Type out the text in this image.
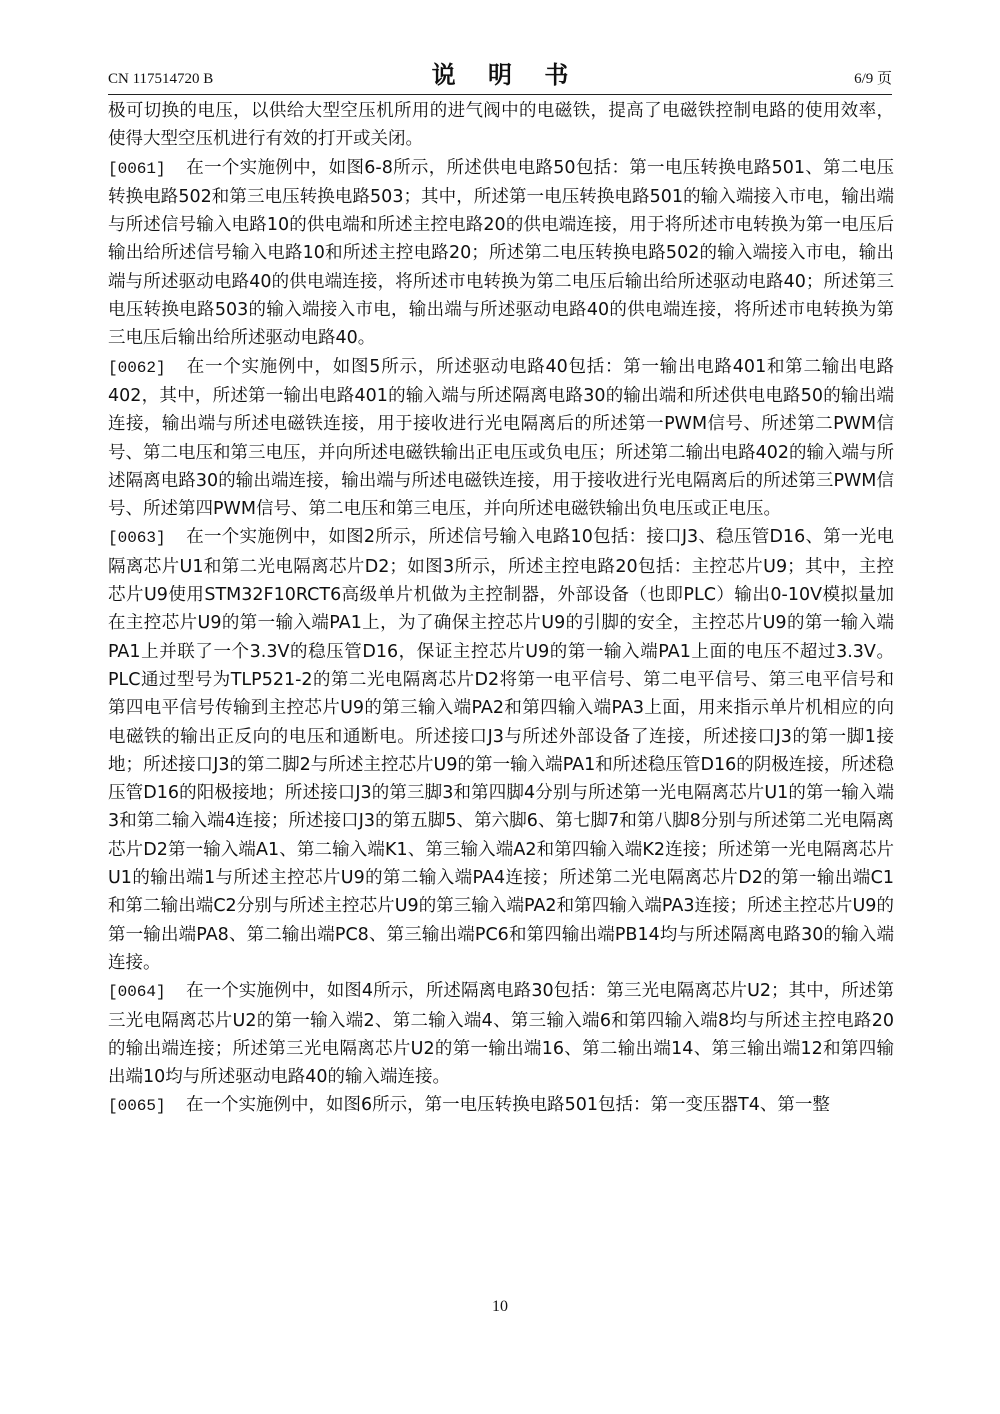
CN 117514720 B	说 明 书	6/9 页

极可切换的电压，以供给大型空压机所用的进气阀中的电磁铁，提高了电磁铁控制电路的使用效率，使得大型空压机进行有效的打开或关闭。

[0061] 在一个实施例中，如图6-8所示，所述供电电路50包括：第一电压转换电路501、第二电压转换电路502和第三电压转换电路503；其中，所述第一电压转换电路501的输入端接入市电，输出端与所述信号输入电路10的供电端和所述主控电路20的供电端连接，用于将所述市电转换为第一电压后输出给所述信号输入电路10和所述主控电路20；所述第二电压转换电路502的输入端接入市电，输出端与所述驱动电路40的供电端连接，将所述市电转换为第二电压后输出给所述驱动电路40；所述第三电压转换电路503的输入端接入市电，输出端与所述驱动电路40的供电端连接，将所述市电转换为第三电压后输出给所述驱动电路40。

[0062] 在一个实施例中，如图5所示，所述驱动电路40包括：第一输出电路401和第二输出电路402，其中，所述第一输出电路401的输入端与所述隔离电路30的输出端和所述供电电路50的输出端连接，输出端与所述电磁铁连接，用于接收进行光电隔离后的所述第一PWM信号、所述第二PWM信号、第二电压和第三电压，并向所述电磁铁输出正电压或负电压；所述第二输出电路402的输入端与所述隔离电路30的输出端连接，输出端与所述电磁铁连接，用于接收进行光电隔离后的所述第三PWM信号、所述第四PWM信号、第二电压和第三电压，并向所述电磁铁输出负电压或正电压。

[0063] 在一个实施例中，如图2所示，所述信号输入电路10包括：接口J3、稳压管D16、第一光电隔离芯片U1和第二光电隔离芯片D2；如图3所示，所述主控电路20包括：主控芯片U9；其中，主控芯片U9使用STM32F10RCT6高级单片机做为主控制器，外部设备（也即PLC）输出0-10V模拟量加在主控芯片U9的第一输入端PA1上，为了确保主控芯片U9的引脚的安全，主控芯片U9的第一输入端PA1上并联了一个3.3V的稳压管D16，保证主控芯片U9的第一输入端PA1上面的电压不超过3.3V。PLC通过型号为TLP521-2的第二光电隔离芯片D2将第一电平信号、第二电平信号、第三电平信号和第四电平信号传输到主控芯片U9的第三输入端PA2和第四输入端PA3上面，用来指示单片机相应的向电磁铁的输出正反向的电压和通断电。所述接口J3与所述外部设备了连接，所述接口J3的第一脚1接地；所述接口J3的第二脚2与所述主控芯片U9的第一输入端PA1和所述稳压管D16的阴极连接，所述稳压管D16的阳极接地；所述接口J3的第三脚3和第四脚4分别与所述第一光电隔离芯片U1的第一输入端3和第二输入端4连接；所述接口J3的第五脚5、第六脚6、第七脚7和第八脚8分别与所述第二光电隔离芯片D2第一输入端A1、第二输入端K1、第三输入端A2和第四输入端K2连接；所述第一光电隔离芯片U1的输出端1与所述主控芯片U9的第二输入端PA4连接；所述第二光电隔离芯片D2的第一输出端C1和第二输出端C2分别与所述主控芯片U9的第三输入端PA2和第四输入端PA3连接；所述主控芯片U9的第一输出端PA8、第二输出端PC8、第三输出端PC6和第四输出端PB14均与所述隔离电路30的输入端连接。

[0064] 在一个实施例中，如图4所示，所述隔离电路30包括：第三光电隔离芯片U2；其中，所述第三光电隔离芯片U2的第一输入端2、第二输入端4、第三输入端6和第四输入端8均与所述主控电路20的输出端连接；所述第三光电隔离芯片U2的第一输出端16、第二输出端14、第三输出端12和第四输出端10均与所述驱动电路40的输入端连接。

[0065] 在一个实施例中，如图6所示，第一电压转换电路501包括：第一变压器T4、第一整

10
